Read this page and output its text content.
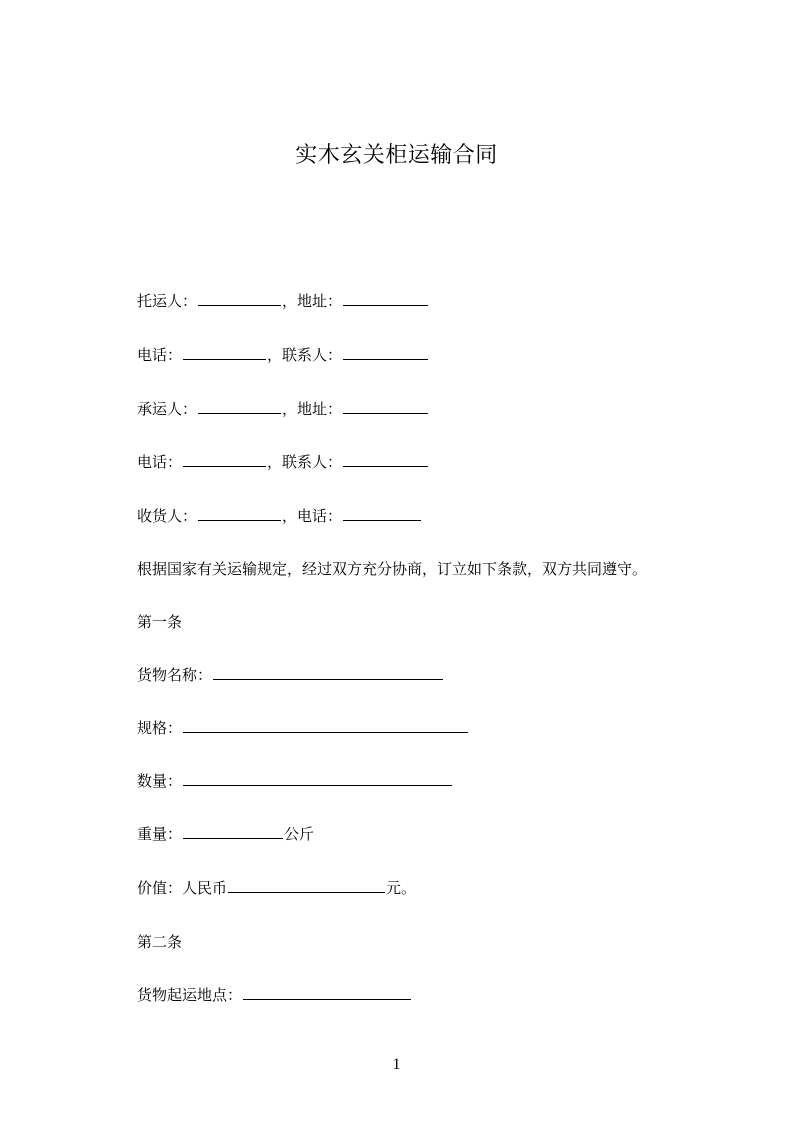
实木玄关柜运输合同
托运人：	，地址：
电话：	，联系人：
承运人：	，地址：
电话：	，联系人：
收货人：	，电话：
根据国家有关运输规定，经过双方充分协商，订立如下条款，双方共同遵守。
第一条
货物名称：
规格：
数量：
重量：	公斤
价值：人民币	元。
第二条
货物起运地点：
1
